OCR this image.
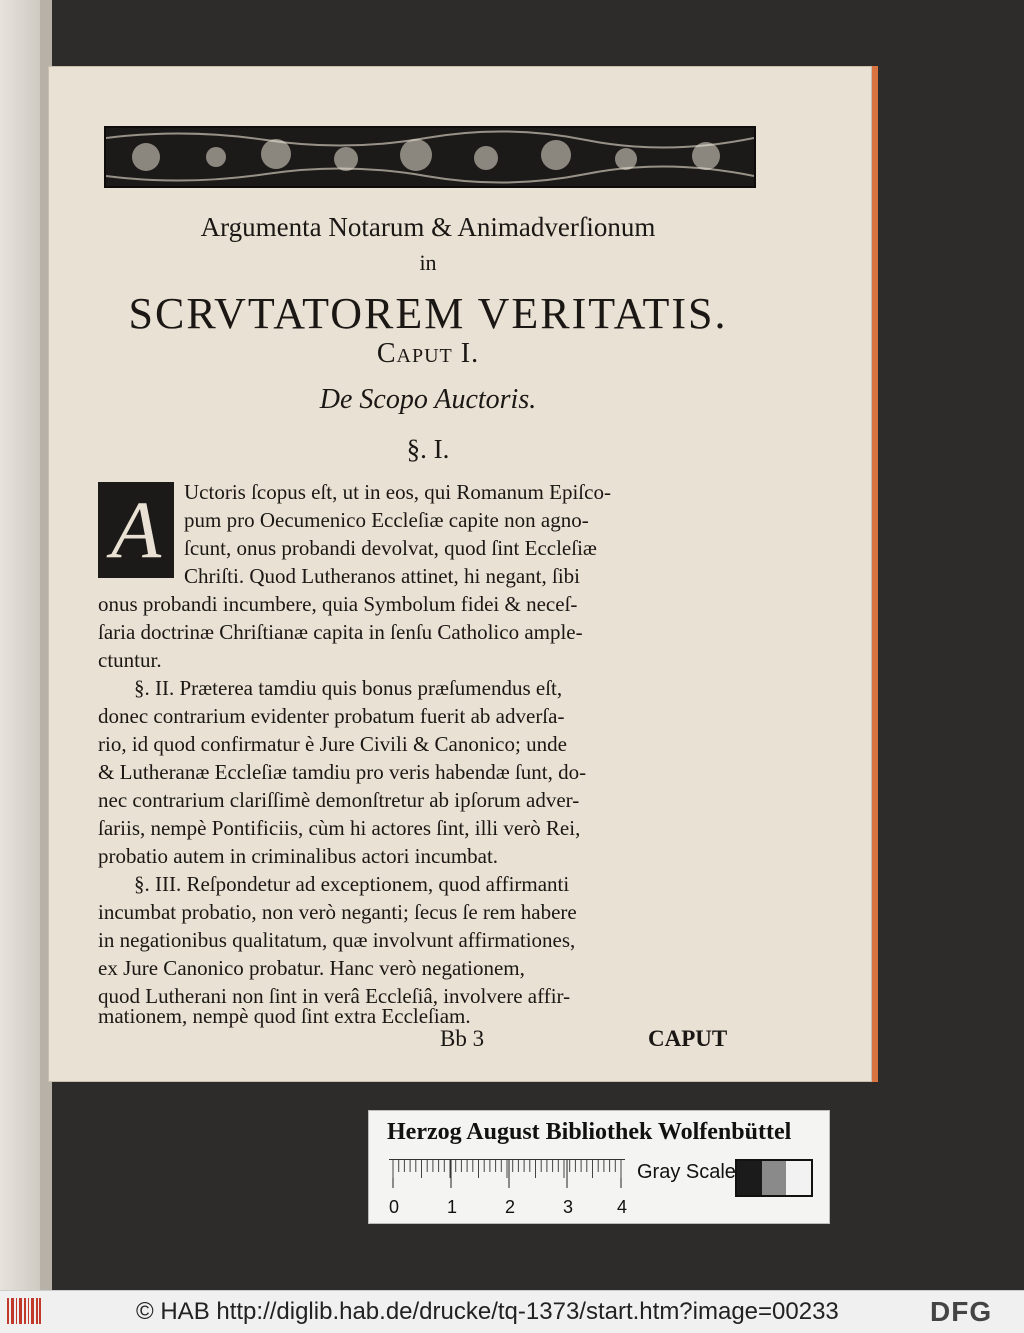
Argumenta Notarum & Animadverſionum
in
SCRVTATOREM VERITATIS.
Caput I.
De Scopo Auctoris.
§. I.
A	Uctoris ſcopus eſt, ut in eos, qui Romanum Epiſco-
pum pro Oecumenico Eccleſiæ capite non agno-
ſcunt, onus probandi devolvat, quod ſint Eccleſiæ
Chriſti. Quod Lutheranos attinet, hi negant, ſibi
onus probandi incumbere, quia Symbolum fidei & neceſ-
ſaria doctrinæ Chriſtianæ capita in ſenſu Catholico ample-
ctuntur.
§. II. Præterea tamdiu quis bonus præſumendus eſt,
donec contrarium evidenter probatum fuerit ab adverſa-
rio, id quod confirmatur è Jure Civili & Canonico; unde
& Lutheranæ Eccleſiæ tamdiu pro veris habendæ ſunt, do-
nec contrarium clariſſimè demonſtretur ab ipſorum adver-
ſariis, nempè Pontificiis, cùm hi actores ſint, illi verò Rei,
probatio autem in criminalibus actori incumbat.
§. III. Reſpondetur ad exceptionem, quod affirmanti
incumbat probatio, non verò neganti; ſecus ſe rem habere
in negationibus qualitatum, quæ involvunt affirmationes,
ex Jure Canonico probatur. Hanc verò negationem,
quod Lutherani non ſint in verâ Eccleſiâ, involvere affir-
mationem, nempè quod ſint extra Eccleſiam.
Bb 3	CAPUT
Herzog August Bibliothek Wolfenbüttel
0	1	2	3 4
Gray Scale
© HAB http://diglib.hab.de/drucke/tq-1373/start.htm?image=00233	DFG
